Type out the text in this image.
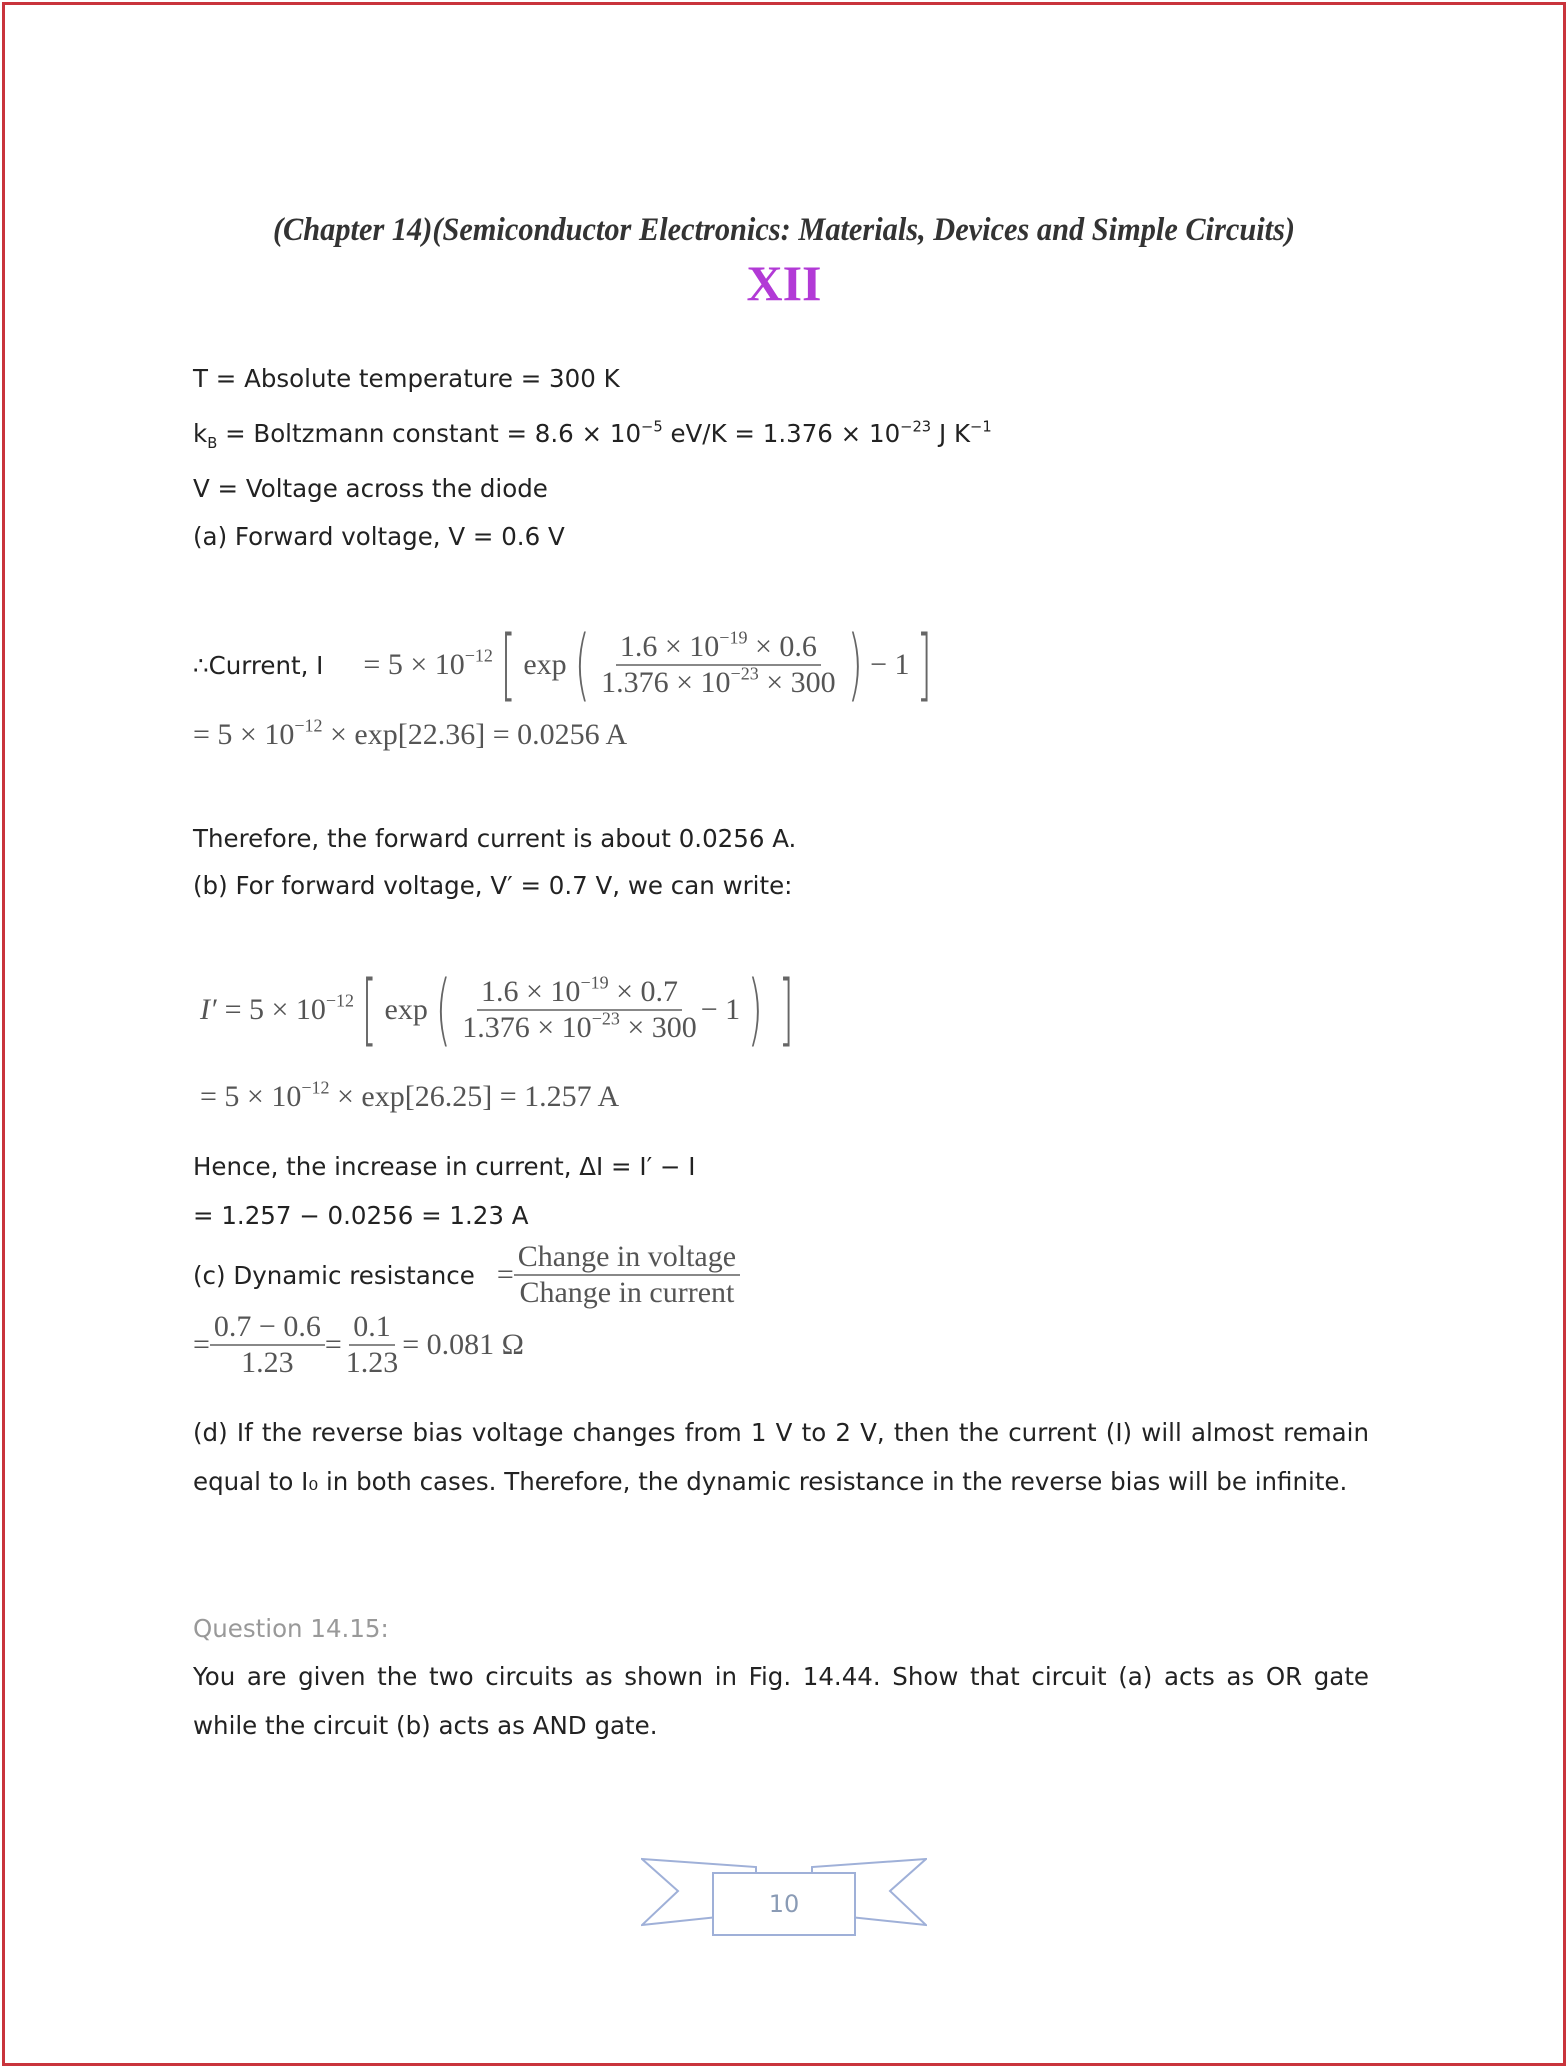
(Chapter 14)(Semiconductor Electronics: Materials, Devices and Simple Circuits)
XII
T = Absolute temperature = 300 K
$k_B$ = Boltzmann constant = $8.6 \times 10^{-5}$ $eV/K = 1.376 \times 10^{-23}$ J $K^{-1}$
V = Voltage across the diode
(a) Forward voltage, V = 0.6 V
∴Current, $I = 5 \times 10^{-12}$ [ exp ( $\frac{1.6 \times 10^{-19} \times 0.6}{1.376 \times 10^{-23} \times 300}$ ) − 1 ]
= $5 \times 10^{-12} \times \exp[22.36] = 0.0256$ A
Therefore, the forward current is about 0.0256 A.
(b) For forward voltage, V′ = 0.7 V, we can write:
$I' = 5 \times 10^{-12}$ [ exp ( $\frac{1.6 \times 10^{-19} \times 0.7}{1.376 \times 10^{-23} \times 300} - 1$ ) ]
= $5 \times 10^{-12} \times \exp[26.25] = 1.257$ A
Hence, the increase in current, ΔI = I′ − I
= 1.257 − 0.0256 = 1.23 A
(c) Dynamic resistance = $\frac{\text{Change in voltage}}{\text{Change in current}}$
= $\frac{0.7 - 0.6}{1.23} = \frac{0.1}{1.23} = 0.081$ Ω
(d) If the reverse bias voltage changes from 1 V to 2 V, then the current (I) will almost remain equal to I₀ in both cases. Therefore, the dynamic resistance in the reverse bias will be infinite.
Question 14.15:
You are given the two circuits as shown in Fig. 14.44. Show that circuit (a) acts as OR gate while the circuit (b) acts as AND gate.
10
